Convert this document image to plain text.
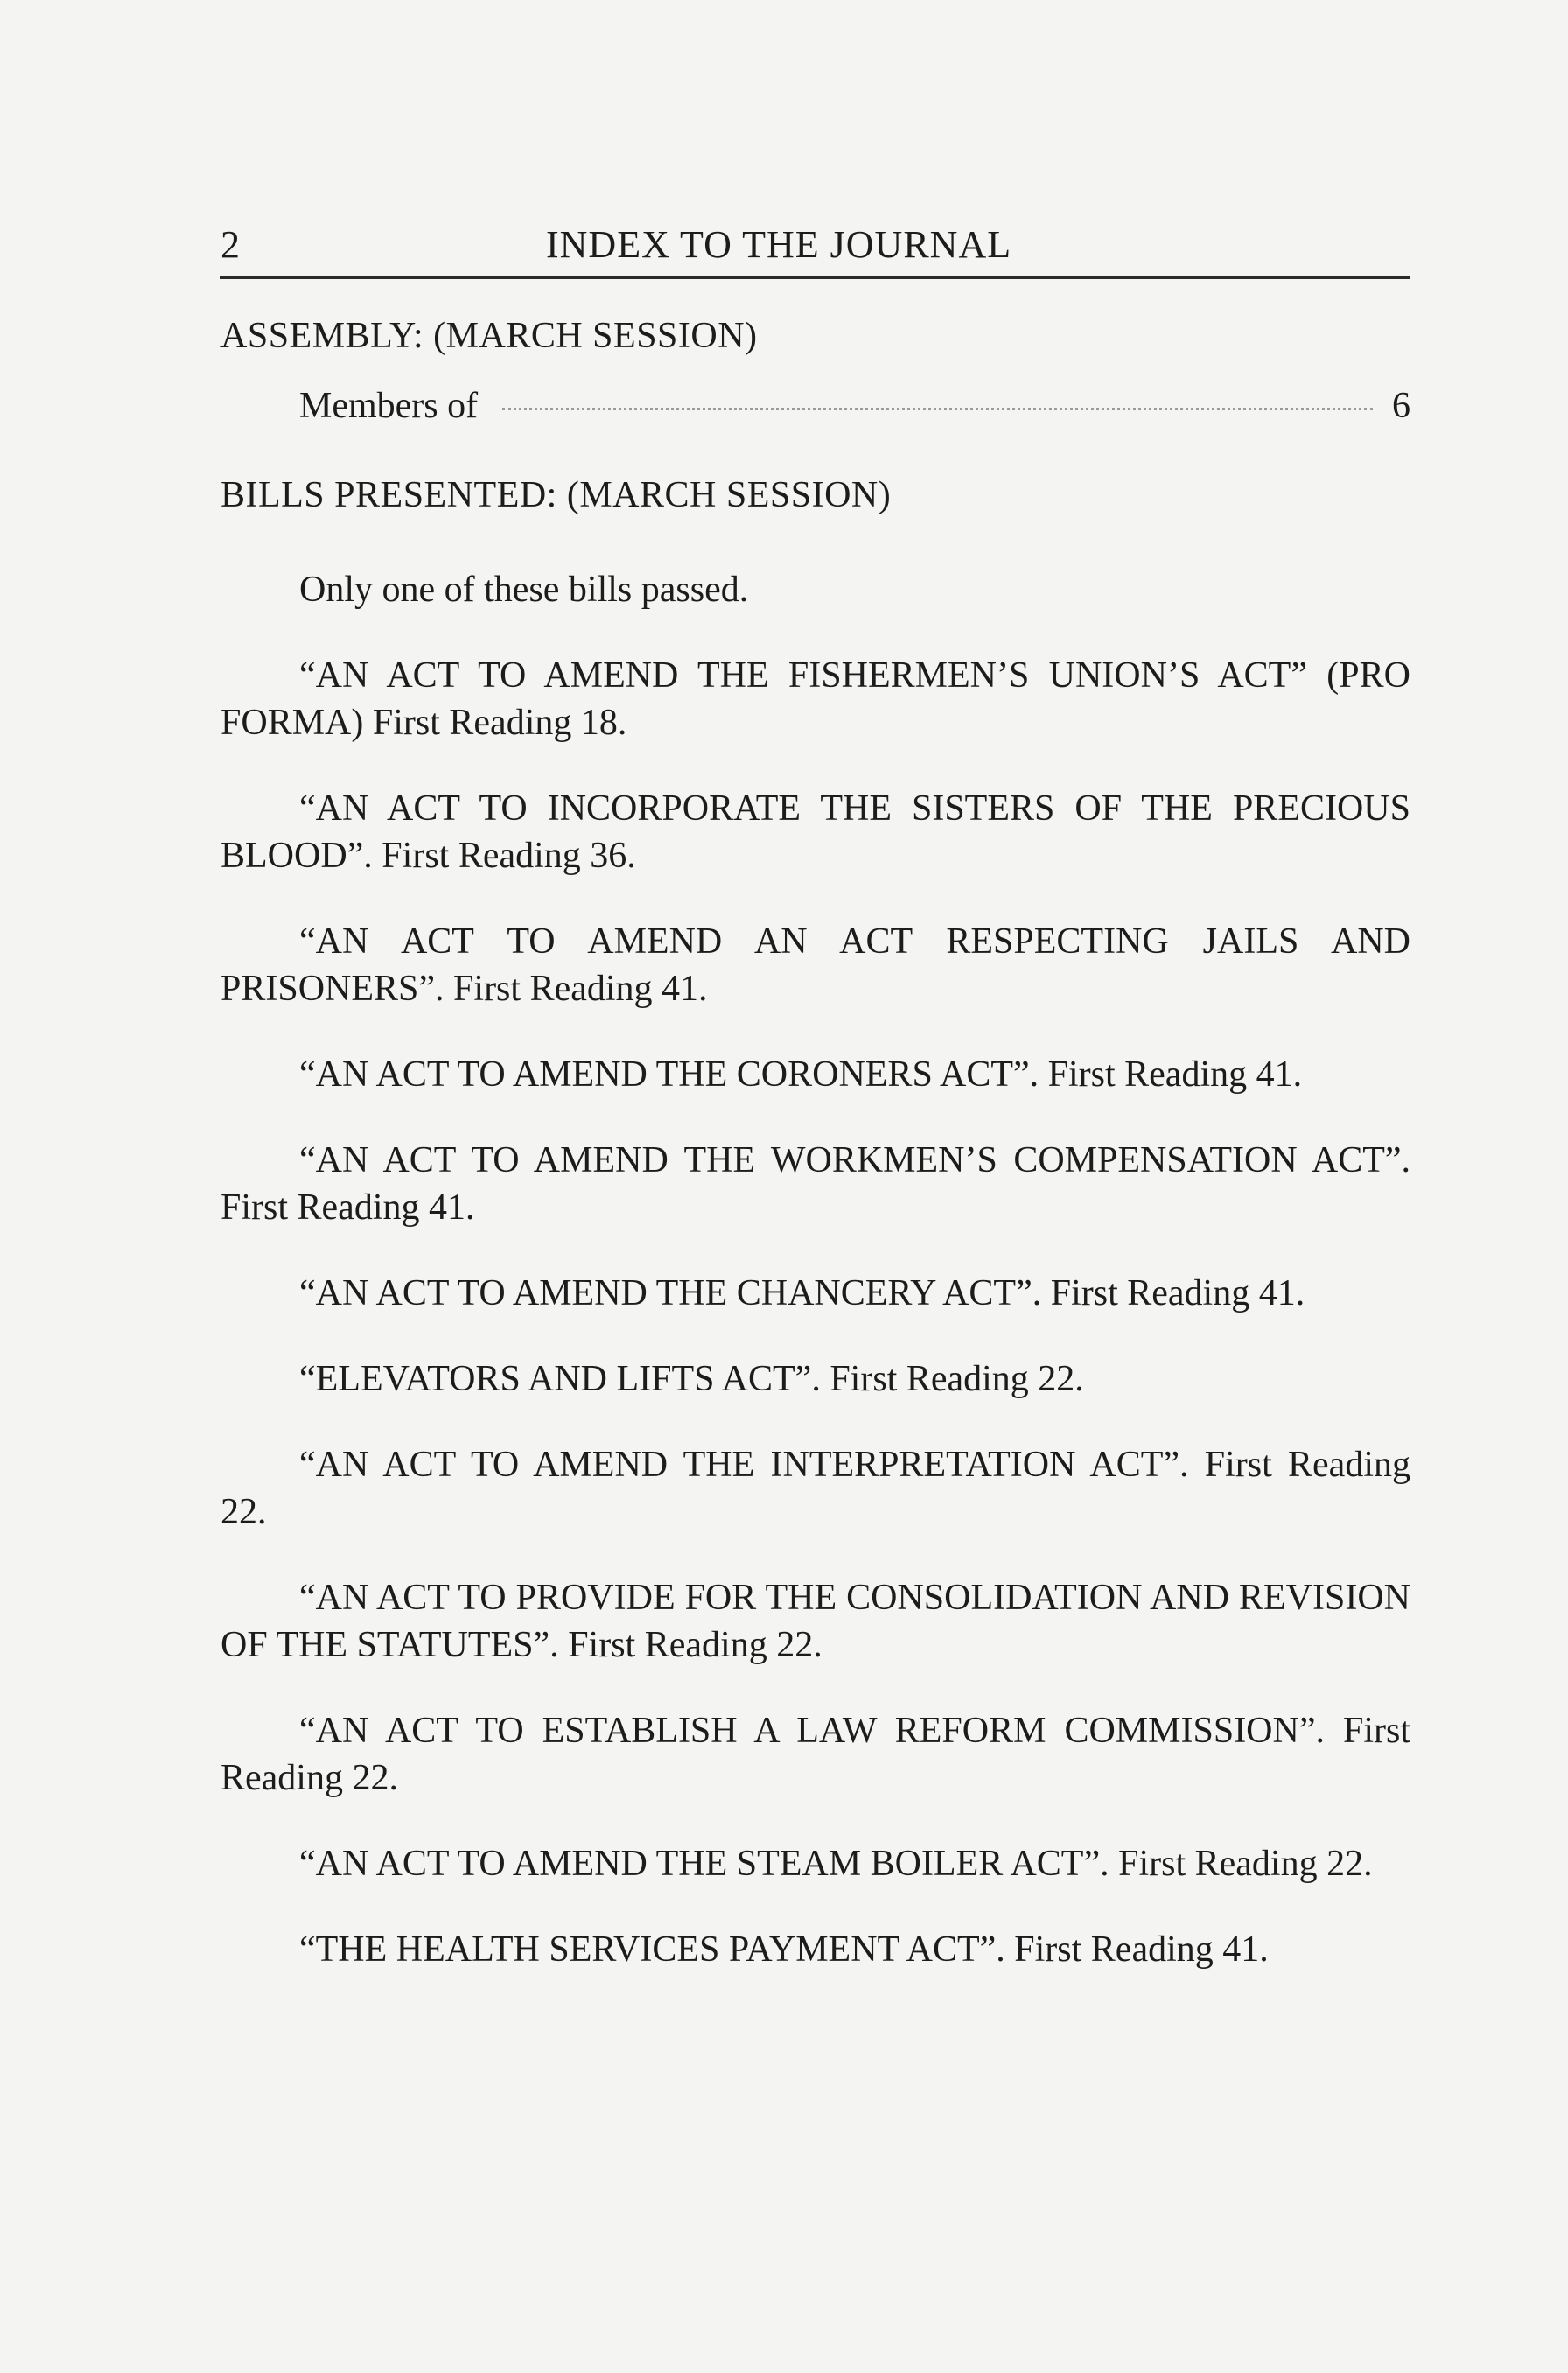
2	INDEX TO THE JOURNAL
ASSEMBLY: (MARCH SESSION)
Members of	6
BILLS PRESENTED: (MARCH SESSION)

Only one of these bills passed.

“AN ACT TO AMEND THE FISHERMEN’S UNION’S ACT” (PRO FORMA) First Reading 18.

“AN ACT TO INCORPORATE THE SISTERS OF THE PRECIOUS BLOOD”. First Reading 36.

“AN ACT TO AMEND AN ACT RESPECTING JAILS AND PRISONERS”. First Reading 41.

“AN ACT TO AMEND THE CORONERS ACT”. First Reading 41.

“AN ACT TO AMEND THE WORKMEN’S COMPENSATION ACT”. First Reading 41.

“AN ACT TO AMEND THE CHANCERY ACT”. First Reading 41.

“ELEVATORS AND LIFTS ACT”. First Reading 22.

“AN ACT TO AMEND THE INTERPRETATION ACT”. First Reading 22.

“AN ACT TO PROVIDE FOR THE CONSOLIDATION AND REVISION OF THE STATUTES”. First Reading 22.

“AN ACT TO ESTABLISH A LAW REFORM COMMISSION”. First Reading 22.

“AN ACT TO AMEND THE STEAM BOILER ACT”. First Reading 22.

“THE HEALTH SERVICES PAYMENT ACT”. First Reading 41.
